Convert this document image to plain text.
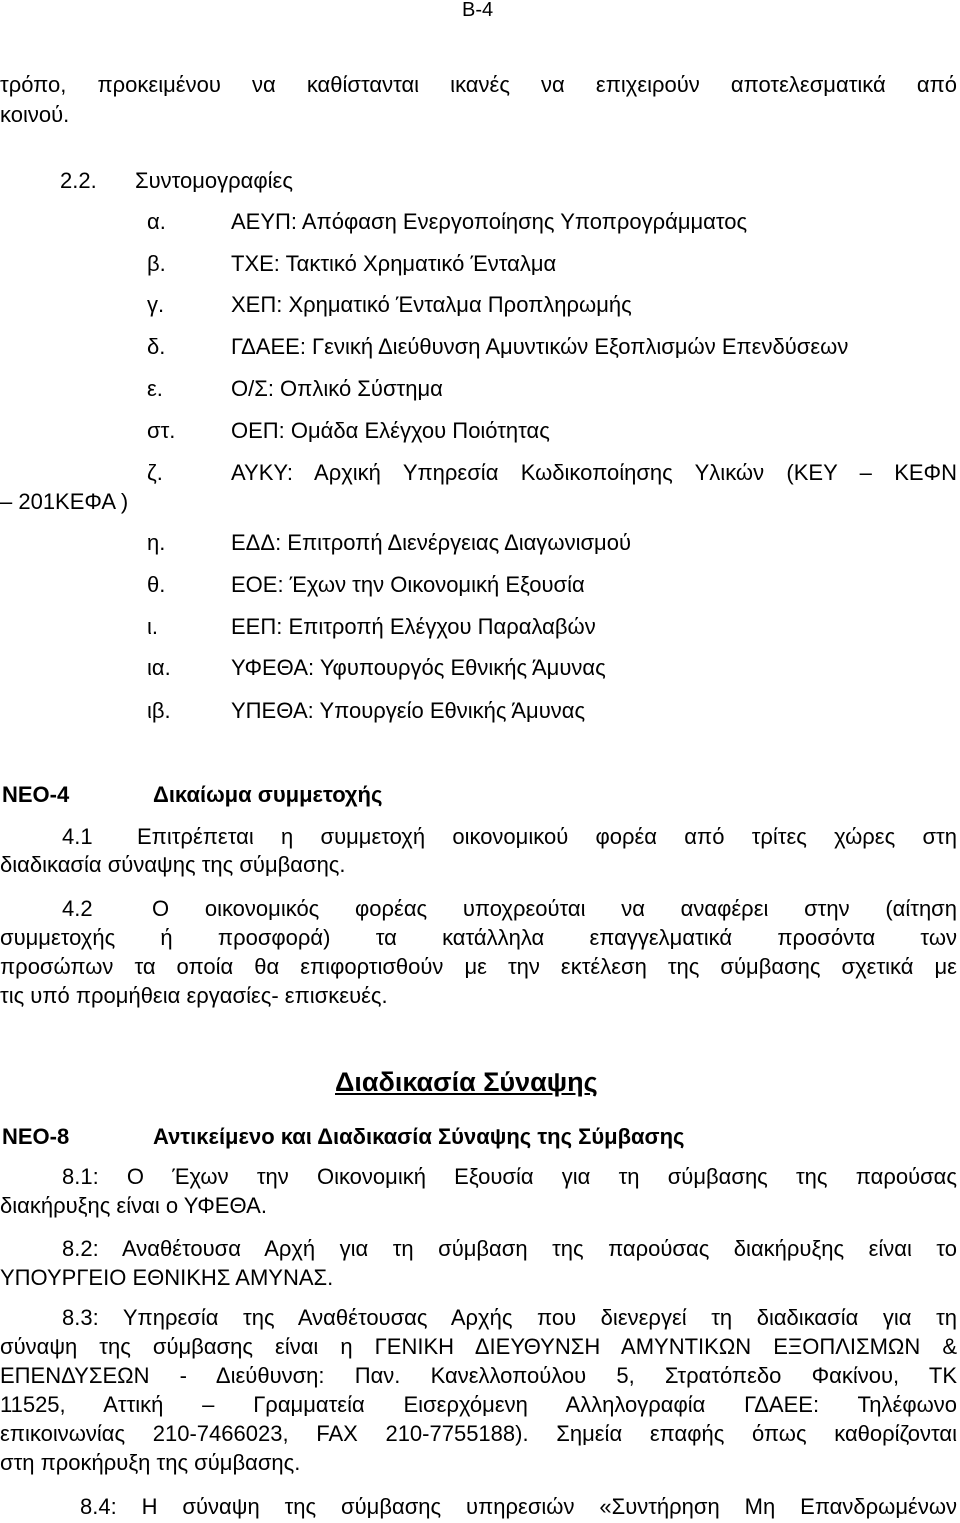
Β-4
τρόπο, προκειμένου να καθίστανται ικανές να επιχειρούν αποτελεσματικά από
κοινού.
2.2. Συντομογραφίες
α.	ΑΕΥΠ: Απόφαση Ενεργοποίησης Υποπρογράμματος
β.	ΤΧΕ: Τακτικό Χρηματικό Ένταλμα
γ.	ΧΕΠ: Χρηματικό Ένταλμα Προπληρωμής
δ.	ΓΔΑΕΕ: Γενική Διεύθυνση Αμυντικών Εξοπλισμών Επενδύσεων
ε.	Ο/Σ: Οπλικό Σύστημα
στ.	ΟΕΠ: Ομάδα Ελέγχου Ποιότητας
ζ.	ΑΥΚΥ: Αρχική Υπηρεσία Κωδικοποίησης Υλικών (ΚΕΥ – ΚΕΦΝ
– 201ΚΕΦΑ )
η.	ΕΔΔ: Επιτροπή Διενέργειας Διαγωνισμού
θ.	ΕΟΕ: Έχων την Οικονομική Εξουσία
ι.	ΕΕΠ: Επιτροπή Ελέγχου Παραλαβών
ια.	ΥΦΕΘΑ: Υφυπουργός Εθνικής Άμυνας
ιβ.	ΥΠΕΘΑ: Υπουργείο Εθνικής Άμυνας
ΝΕΟ-4	Δικαίωμα συμμετοχής
4.1 Επιτρέπεται η συμμετοχή οικονομικού φορέα από τρίτες χώρες στη
διαδικασία σύναψης της σύμβασης.
4.2	Ο οικονομικός φορέας υποχρεούται να αναφέρει στην (αίτηση
συμμετοχής ή προσφορά) τα κατάλληλα επαγγελματικά προσόντα των
προσώπων τα οποία θα επιφορτισθούν με την εκτέλεση της σύμβασης σχετικά με
τις υπό προμήθεια εργασίες- επισκευές.
Διαδικασία Σύναψης
ΝΕΟ-8	Αντικείμενο και Διαδικασία Σύναψης της Σύμβασης
8.1: Ο Έχων την Οικονομική Εξουσία για τη σύμβασης της παρούσας
διακήρυξης είναι ο ΥΦΕΘΑ.
8.2: Αναθέτουσα Αρχή για τη σύμβαση της παρούσας διακήρυξης είναι το
ΥΠΟΥΡΓΕΙΟ ΕΘΝΙΚΗΣ ΑΜΥΝΑΣ.
8.3: Υπηρεσία της Αναθέτουσας Αρχής που διενεργεί τη διαδικασία για τη
σύναψη της σύμβασης είναι η ΓΕΝΙΚΗ ΔΙΕΥΘΥΝΣΗ ΑΜΥΝΤΙΚΩΝ ΕΞΟΠΛΙΣΜΩΝ &
ΕΠΕΝΔΥΣΕΩΝ - Διεύθυνση: Παν. Κανελλοπούλου 5, Στρατόπεδο Φακίνου, ΤΚ
11525, Αττική – Γραμματεία Εισερχόμενη Αλληλογραφία ΓΔΑΕΕ: Τηλέφωνο
επικοινωνίας 210-7466023, FAX 210-7755188). Σημεία επαφής όπως καθορίζονται
στη προκήρυξη της σύμβασης.
8.4: Η σύναψη της σύμβασης υπηρεσιών «Συντήρηση Μη Επανδρωμένων
